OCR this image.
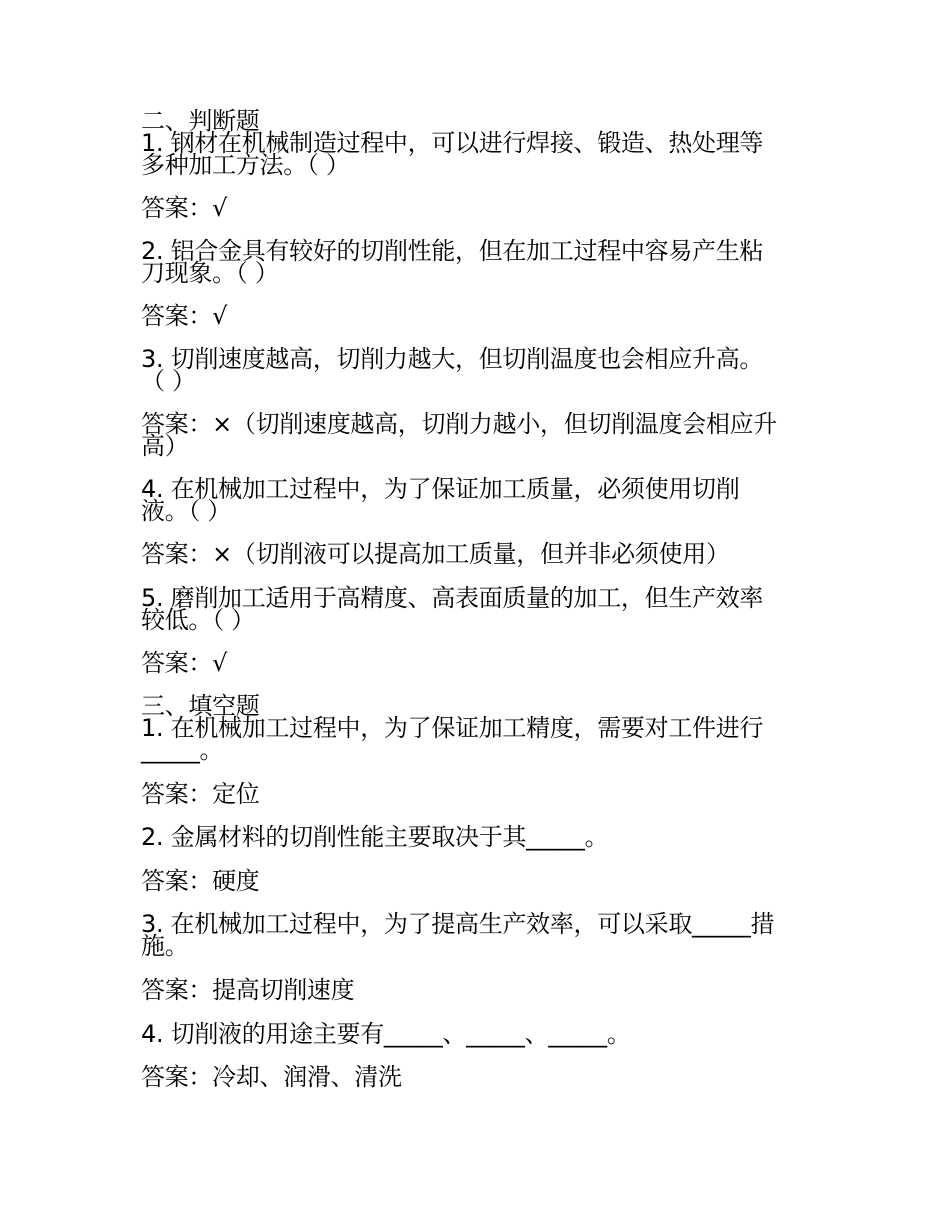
二、判断题
1. 钢材在机械制造过程中，可以进行焊接、锻造、热处理等
多种加工方法。（ ）
答案：√
2. 铝合金具有较好的切削性能，但在加工过程中容易产生粘
刀现象。（ ）
答案：√
3. 切削速度越高，切削力越大，但切削温度也会相应升高。
（ ）
答案：×（切削速度越高，切削力越小，但切削温度会相应升
高）
4. 在机械加工过程中，为了保证加工质量，必须使用切削
液。（ ）
答案：×（切削液可以提高加工质量，但并非必须使用）
5. 磨削加工适用于高精度、高表面质量的加工，但生产效率
较低。（ ）
答案：√
三、填空题
1. 在机械加工过程中，为了保证加工精度，需要对工件进行
_____。
答案：定位
2. 金属材料的切削性能主要取决于其_____。
答案：硬度
3. 在机械加工过程中，为了提高生产效率，可以采取_____措
施。
答案：提高切削速度
4. 切削液的用途主要有_____、_____、_____。
答案：冷却、润滑、清洗
